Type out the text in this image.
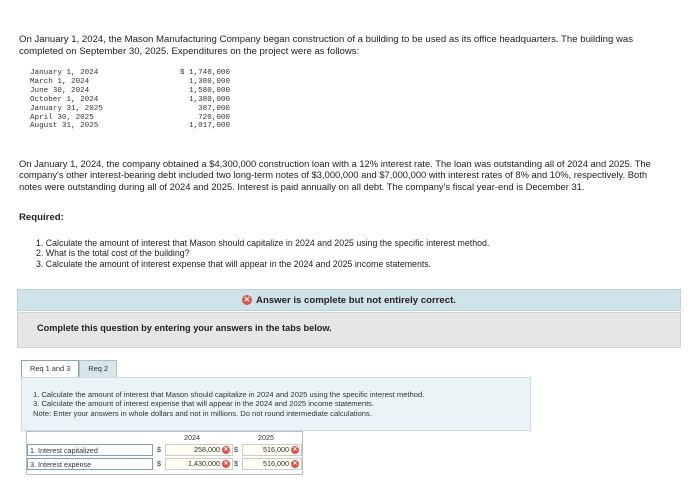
On January 1, 2024, the Mason Manufacturing Company began construction of a building to be used as its office headquarters. The building was completed on September 30, 2025. Expenditures on the project were as follows:
January 1, 2024	$ 1,740,000
March 1, 2024	1,380,000
June 30, 2024	1,580,000
October 1, 2024	1,380,000
January 31, 2025	387,000
April 30, 2025	720,000
August 31, 2025	1,017,000
On January 1, 2024, the company obtained a $4,300,000 construction loan with a 12% interest rate. The loan was outstanding all of 2024 and 2025. The company's other interest-bearing debt included two long-term notes of $3,000,000 and $7,000,000 with interest rates of 8% and 10%, respectively. Both notes were outstanding during all of 2024 and 2025. Interest is paid annually on all debt. The company's fiscal year-end is December 31.
Required:
1. Calculate the amount of interest that Mason should capitalize in 2024 and 2025 using the specific interest method.
2. What is the total cost of the building?
3. Calculate the amount of interest expense that will appear in the 2024 and 2025 income statements.
✕ Answer is complete but not entirely correct.
Complete this question by entering your answers in the tabs below.
Req 1 and 3	Req 2
1. Calculate the amount of interest that Mason should capitalize in 2024 and 2025 using the specific interest method.
3. Calculate the amount of interest expense that will appear in the 2024 and 2025 income statements.
Note: Enter your answers in whole dollars and not in millions. Do not round intermediate calculations.
2024	2025
1. Interest capitalized	$	258,000 ✕ $	516,000 ✕
3. Interest expense	$	1,430,000 ✕ $	516,000 ✕
